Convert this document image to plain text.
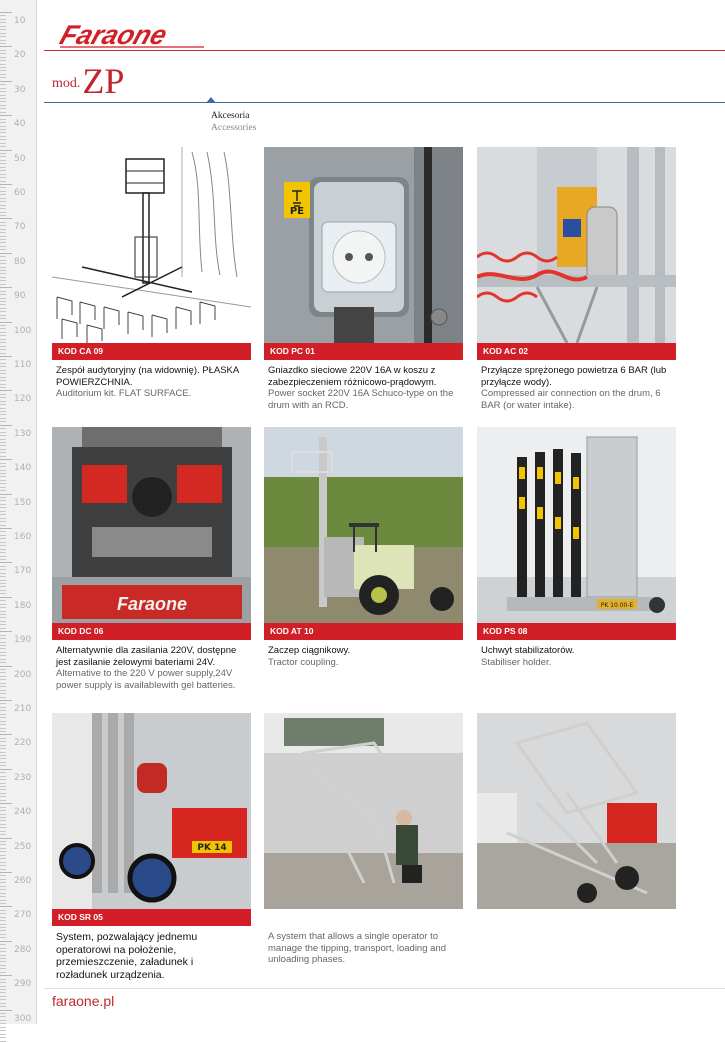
10
20
30
40
50
60
70
80
90
100
110
120
130
140
150
160
170
180
190
200
210
220
230
240
250
260
270
280
290
300
Faraone
mod.ZP
Akcesoria
Accessories
KOD CA 09
Zespół audytoryjny (na widownię). PŁASKA POWIERZCHNIA.
Auditorium kit. FLAT SURFACE.
PE
KOD PC 01
Gniazdko sieciowe 220V 16A w koszu z zabezpieczeniem różnicowo-prądowym.
Power socket 220V 16A Schuco-type on the drum with an RCD.
KOD AC 02
Przyłącze sprężonego powietrza 6 BAR (lub przyłącze wody).
Compressed air connection on the drum, 6 BAR (or water intake).
Faraone
KOD DC 06
Alternatywnie dla zasilania 220V, dostępne jest zasilanie żelowymi bateriami 24V.
Alternative to the 220 V power supply,24V power supply is availablewith gel batteries.
KOD AT 10
Zaczep ciągnikowy.
Tractor coupling.
PK 10.00-E
KOD PS 08
Uchwyt stabilizatorów.
Stabiliser holder.
PK 14
KOD SR 05
System, pozwalający jednemu operatorowi na położenie, przemieszczenie, załadunek i rozładunek urządzenia.
A system that allows a single operator to manage the tipping, transport, loading and unloading phases.
faraone.pl
